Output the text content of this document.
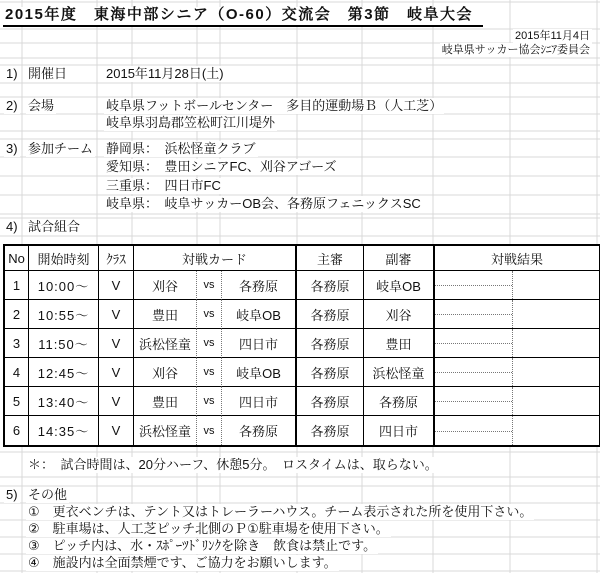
2015年度　東海中部シニア（O-60）交流会　第3節　岐阜大会
2015年11月4日
岐阜県サッカー協会ｼﾆｱ委員会
1) 開催日	2015年11月28日(土)
2) 会場	岐阜県フットボールセンター　多目的運動場Ｂ（人工芝）
岐阜県羽島郡笠松町江川堤外
3) 参加チーム 静岡県：　浜松怪童クラブ
愛知県：　豊田シニアFC、刈谷アゴーズ
三重県：　四日市FC
岐阜県：　岐阜サッカーOB会、各務原フェニックスSC
4) 試合組合
No 開始時刻	ｸﾗｽ	対戦カード	主審	副審	対戦結果
1	10:00～	V	刈谷	vs	各務原	各務原	岐阜OB
2	10:55～	V	豊田	vs	岐阜OB	各務原	刈谷
3	11:50～	V	浜松怪童	vs	四日市	各務原	豊田
4	12:45～	V	刈谷	vs	岐阜OB	各務原	浜松怪童
5	13:40～	V	豊田	vs	四日市	各務原	各務原
6	14:35～	V	浜松怪童	vs	各務原	各務原	四日市
＊：　試合時間は、20分ハーフ、休憩5分。　ロスタイムは、取らない。
5) その他
①　更衣ベンチは、テント又はトレーラーハウス。チーム表示された所を使用下さい。
②　駐車場は、人工芝ピッチ北側のＰ①駐車場を使用下さい。
③　ピッチ内は、水・ｽﾎﾟｰﾂﾄﾞﾘﾝｸを除き　飲食は禁止です。
④　施設内は全面禁煙です、ご協力をお願いします。
